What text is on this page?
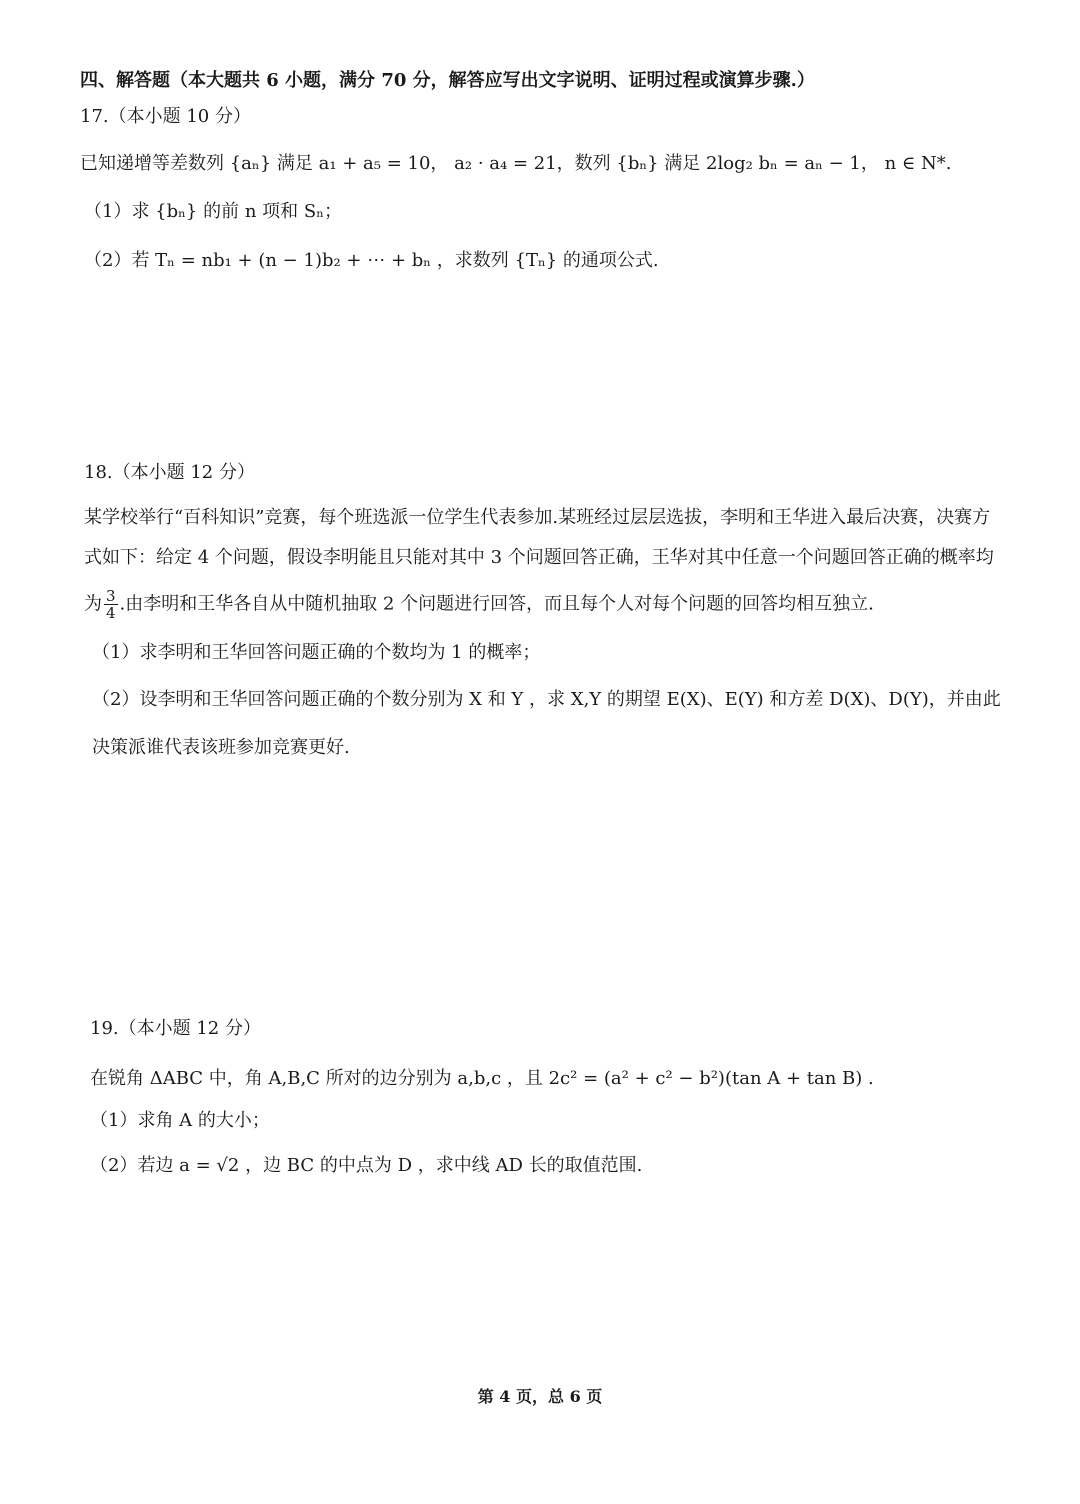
四、解答题（本大题共 6 小题，满分 70 分，解答应写出文字说明、证明过程或演算步骤.）
17.（本小题 10 分）
已知递增等差数列 {aₙ} 满足 a₁ + a₅ = 10， a₂ · a₄ = 21，数列 {bₙ} 满足 2log₂ bₙ = aₙ − 1， n ∈ N*.
（1）求 {bₙ} 的前 n 项和 Sₙ；
（2）若 Tₙ = nb₁ + (n − 1)b₂ + ⋯ + bₙ ，求数列 {Tₙ} 的通项公式.
18.（本小题 12 分）
某学校举行“百科知识”竞赛，每个班选派一位学生代表参加.某班经过层层选拔，李明和王华进入最后决赛，决赛方
式如下：给定 4 个问题，假设李明能且只能对其中 3 个问题回答正确，王华对其中任意一个问题回答正确的概率均
为 $\frac{3}{4}$ .由李明和王华各自从中随机抽取 2 个问题进行回答，而且每个人对每个问题的回答均相互独立.
（1）求李明和王华回答问题正确的个数均为 1 的概率；
（2）设李明和王华回答问题正确的个数分别为 X 和 Y ，求 X,Y 的期望 E(X)、E(Y) 和方差 D(X)、D(Y)，并由此
决策派谁代表该班参加竞赛更好.
19.（本小题 12 分）
在锐角 ΔABC 中，角 A,B,C 所对的边分别为 a,b,c ，且 2c² = (a² + c² − b²)(tan A + tan B) .
（1）求角 A 的大小；
（2）若边 a = √2 ，边 BC 的中点为 D ，求中线 AD 长的取值范围.
第 4 页，总 6 页
